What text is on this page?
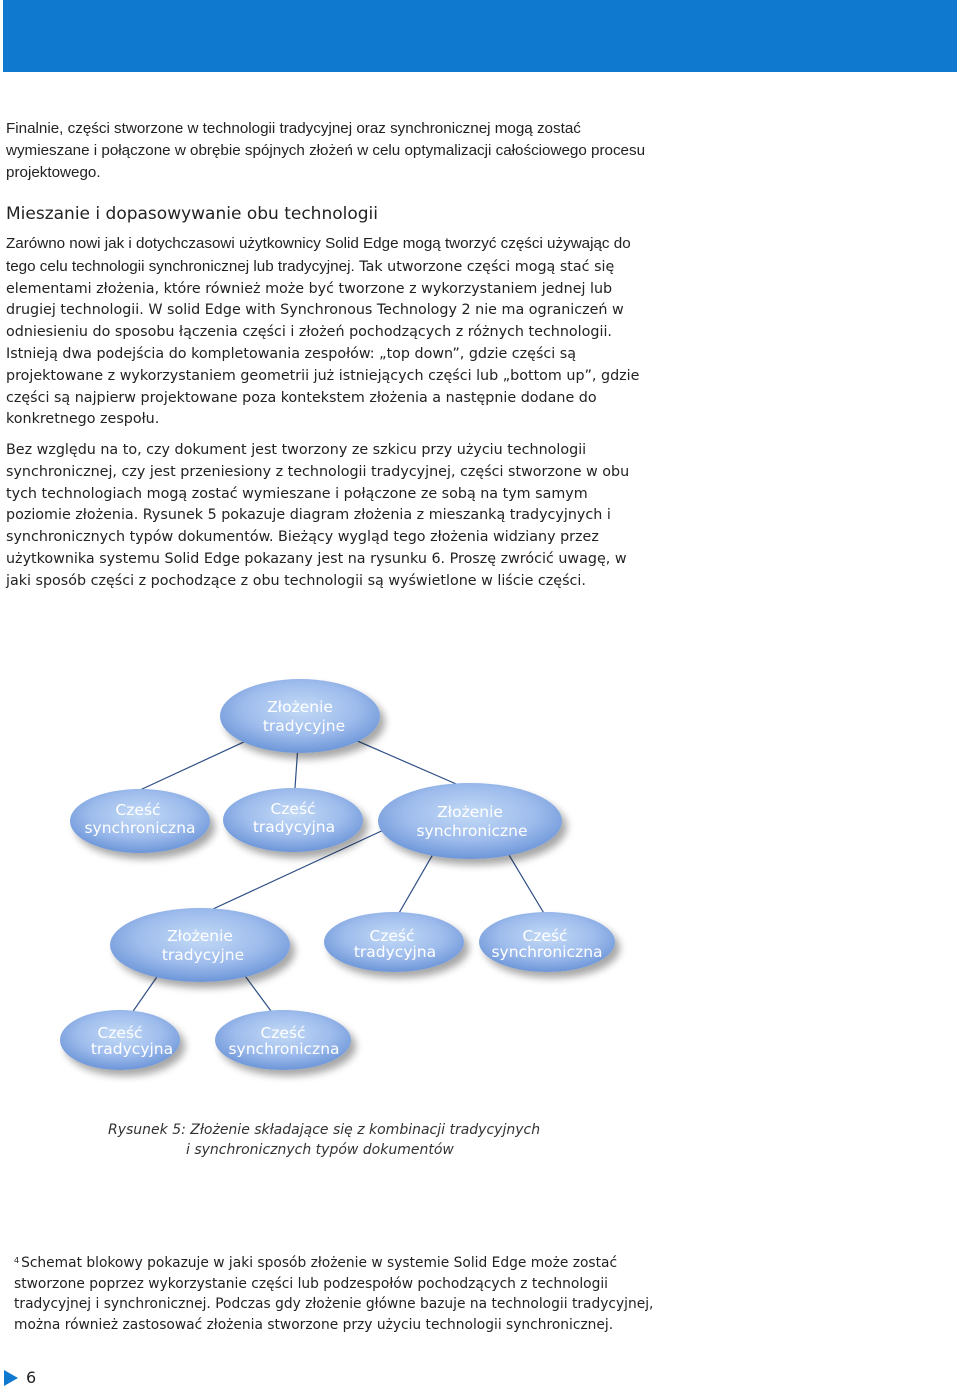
Finalnie, części stworzone w technologii tradycyjnej oraz synchronicznej mogą zostać wymieszane i połączone w obrębie spójnych złożeń w celu optymalizacji całościowego procesu projektowego.

Mieszanie i dopasowywanie obu technologii

Zarówno nowi jak i dotychczasowi użytkownicy Solid Edge mogą tworzyć części używając do tego celu technologii synchronicznej lub tradycyjnej. Tak utworzone części mogą stać się elementami złożenia, które również może być tworzone z wykorzystaniem jednej lub drugiej technologii. W solid Edge with Synchronous Technology 2 nie ma ograniczeń w odniesieniu do sposobu łączenia części i złożeń pochodzących z różnych technologii. Istnieją dwa podejścia do kompletowania zespołów: „top down”, gdzie części są projektowane z wykorzystaniem geometrii już istniejących części lub „bottom up”, gdzie części są najpierw projektowane poza kontekstem złożenia a następnie dodane do konkretnego zespołu.

Bez względu na to, czy dokument jest tworzony ze szkicu przy użyciu technologii synchronicznej, czy jest przeniesiony z technologii tradycyjnej, części stworzone w obu tych technologiach mogą zostać wymieszane i połączone ze sobą na tym samym poziomie złożenia. Rysunek 5 pokazuje diagram złożenia z mieszanką tradycyjnych i synchronicznych typów dokumentów. Bieżący wygląd tego złożenia widziany przez użytkownika systemu Solid Edge pokazany jest na rysunku 6. Proszę zwrócić uwagę, w jaki sposób części z pochodzące z obu technologii są wyświetlone w liście części.

Złożenie
tradycyjne
Cześć
synchroniczna
Cześć
tradycyjna
Złożenie
synchroniczne
Złożenie
tradycyjne
Cześć
tradycyjna
Cześć
synchroniczna
Cześć
tradycyjna
Cześć
synchroniczna

Rysunek 5: Złożenie składające się z kombinacji tradycyjnych
i synchronicznych typów dokumentów

$^4$ Schemat blokowy pokazuje w jaki sposób złożenie w systemie Solid Edge może zostać stworzone poprzez wykorzystanie części lub podzespołów pochodzących z technologii tradycyjnej i synchronicznej. Podczas gdy złożenie główne bazuje na technologii tradycyjnej, można również zastosować złożenia stworzone przy użyciu technologii synchronicznej.

6
